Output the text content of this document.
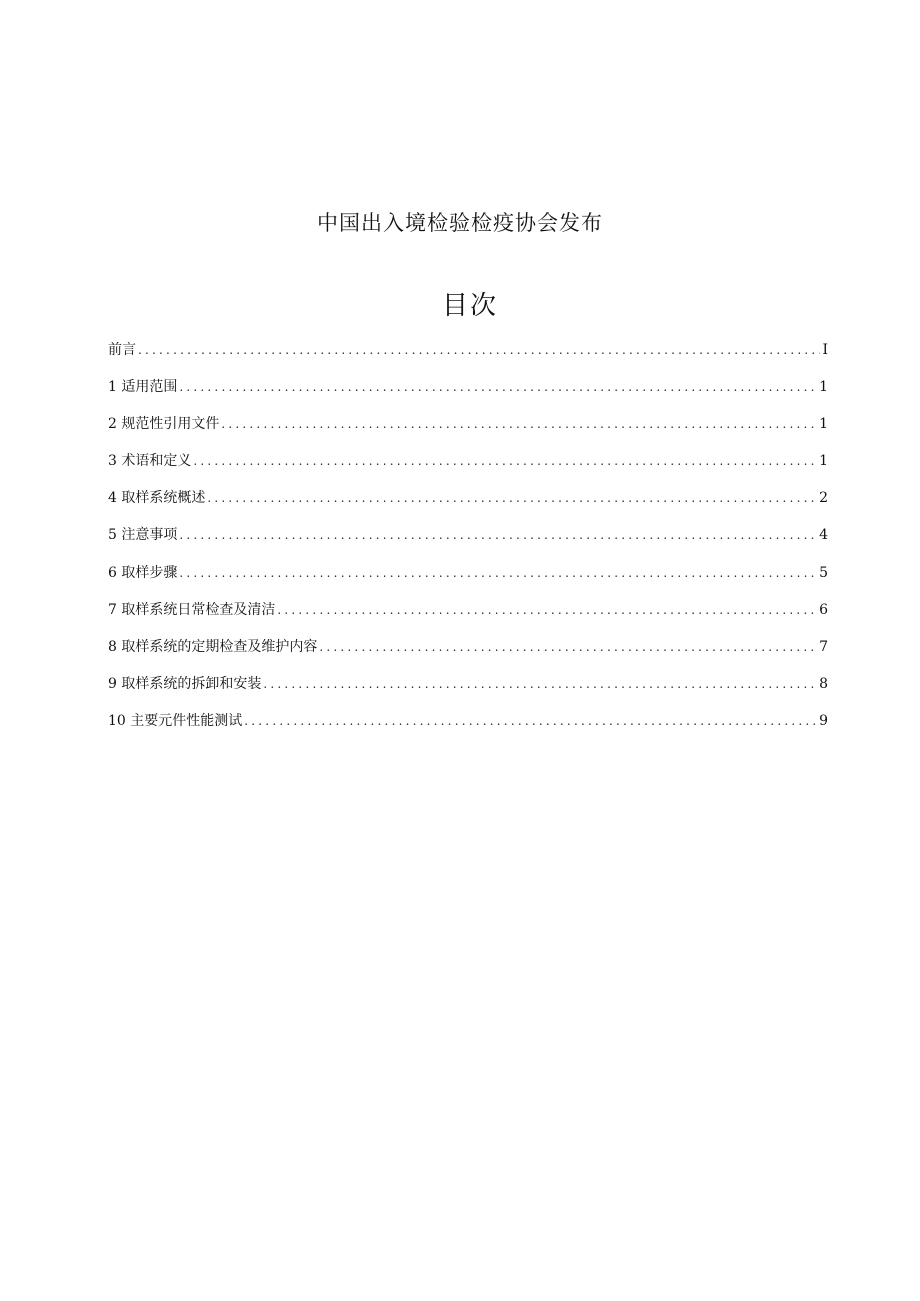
中国出入境检验检疫协会发布
目次
前言 .....	I
1 适用范围 .....	1
2 规范性引用文件 .....	1
3 术语和定义 .....	1
4 取样系统概述 .....	2
5 注意事项 .....	4
6 取样步骤 .....	5
7 取样系统日常检查及清洁 .....	6
8 取样系统的定期检查及维护内容 .....	7
9 取样系统的拆卸和安装 .....	8
10 主要元件性能测试 .....	9
